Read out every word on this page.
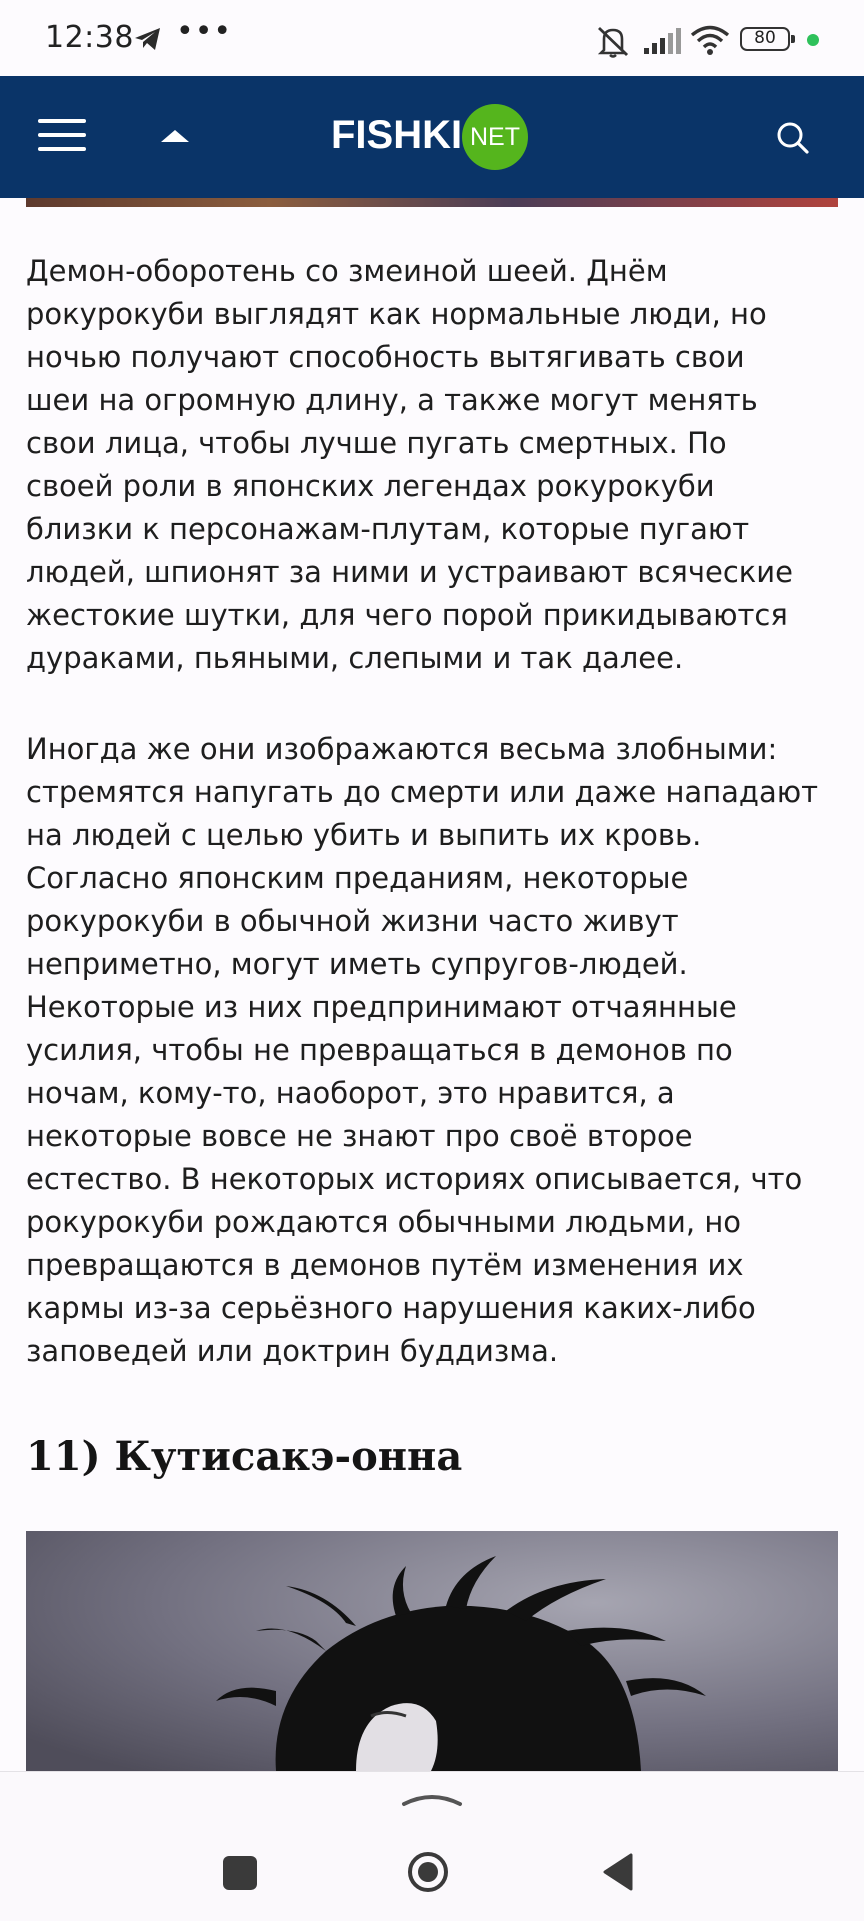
12:38 •••	80
FISHKI NET

Демон-оборотень со змеиной шеей. Днём
рокурокуби выглядят как нормальные люди, но
ночью получают способность вытягивать свои
шеи на огромную длину, а также могут менять
свои лица, чтобы лучше пугать смертных. По
своей роли в японских легендах рокурокуби
близки к персонажам-плутам, которые пугают
людей, шпионят за ними и устраивают всяческие
жестокие шутки, для чего порой прикидываются
дураками, пьяными, слепыми и так далее.

Иногда же они изображаются весьма злобными:
стремятся напугать до смерти или даже нападают
на людей с целью убить и выпить их кровь.
Согласно японским преданиям, некоторые
рокурокуби в обычной жизни часто живут
неприметно, могут иметь супругов-людей.
Некоторые из них предпринимают отчаянные
усилия, чтобы не превращаться в демонов по
ночам, кому-то, наоборот, это нравится, а
некоторые вовсе не знают про своё второе
естество. В некоторых историях описывается, что
рокурокуби рождаются обычными людьми, но
превращаются в демонов путём изменения их
кармы из-за серьёзного нарушения каких-либо
заповедей или доктрин буддизма.

11) Кутисакэ-онна
